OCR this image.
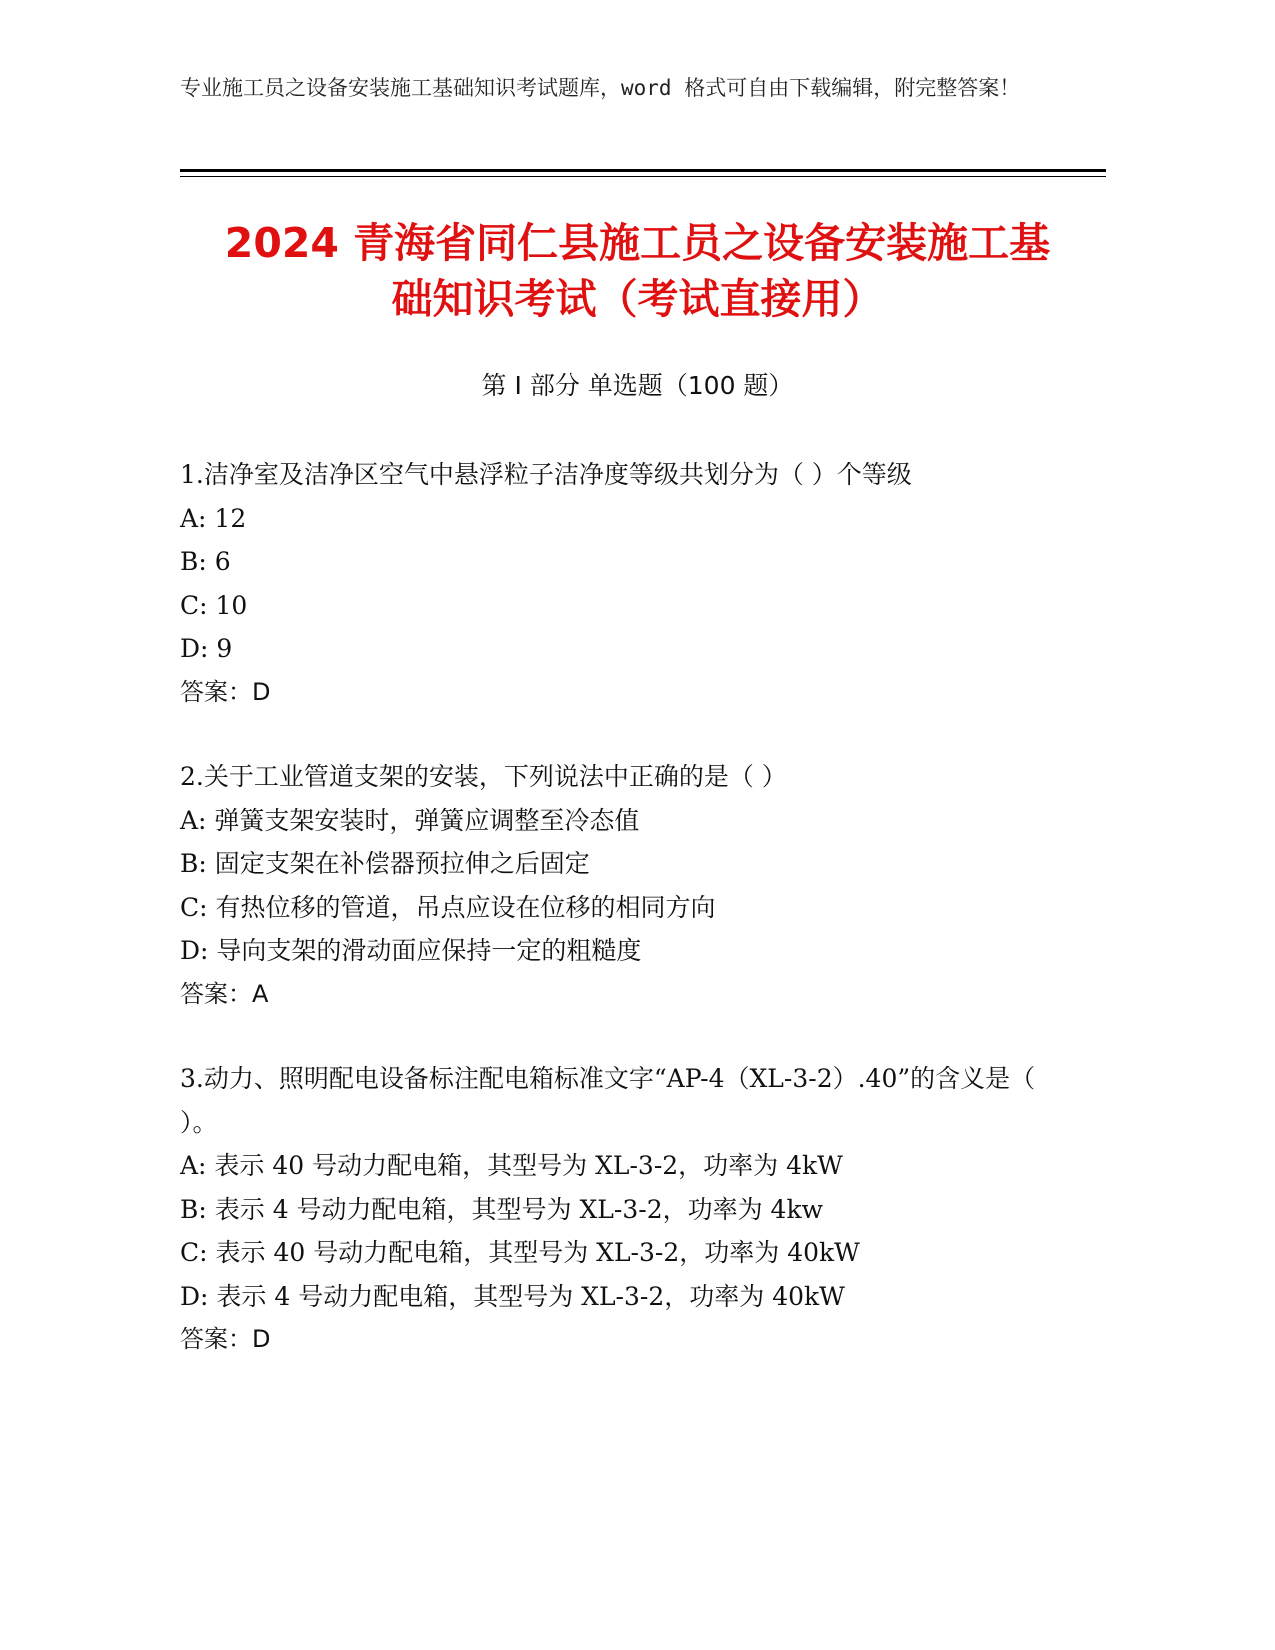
专业施工员之设备安装施工基础知识考试题库，word 格式可自由下载编辑，附完整答案！
2024 青海省同仁县施工员之设备安装施工基
础知识考试（考试直接用）
第 I 部分 单选题（100 题）

1.洁净室及洁净区空气中悬浮粒子洁净度等级共划分为（ ）个等级

A: 12
B: 6
C: 10
D: 9

答案：D

2.关于工业管道支架的安装，下列说法中正确的是（ ）

A: 弹簧支架安装时，弹簧应调整至冷态值
B: 固定支架在补偿器预拉伸之后固定
C: 有热位移的管道，吊点应设在位移的相同方向
D: 导向支架的滑动面应保持一定的粗糙度

答案：A

3.动力、照明配电设备标注配电箱标准文字“AP-4（XL-3-2）.40”的含义是（ ）。

A: 表示 40 号动力配电箱，其型号为 XL-3-2，功率为 4kW
B: 表示 4 号动力配电箱，其型号为 XL-3-2，功率为 4kw
C: 表示 40 号动力配电箱，其型号为 XL-3-2，功率为 40kW
D: 表示 4 号动力配电箱，其型号为 XL-3-2，功率为 40kW

答案：D
